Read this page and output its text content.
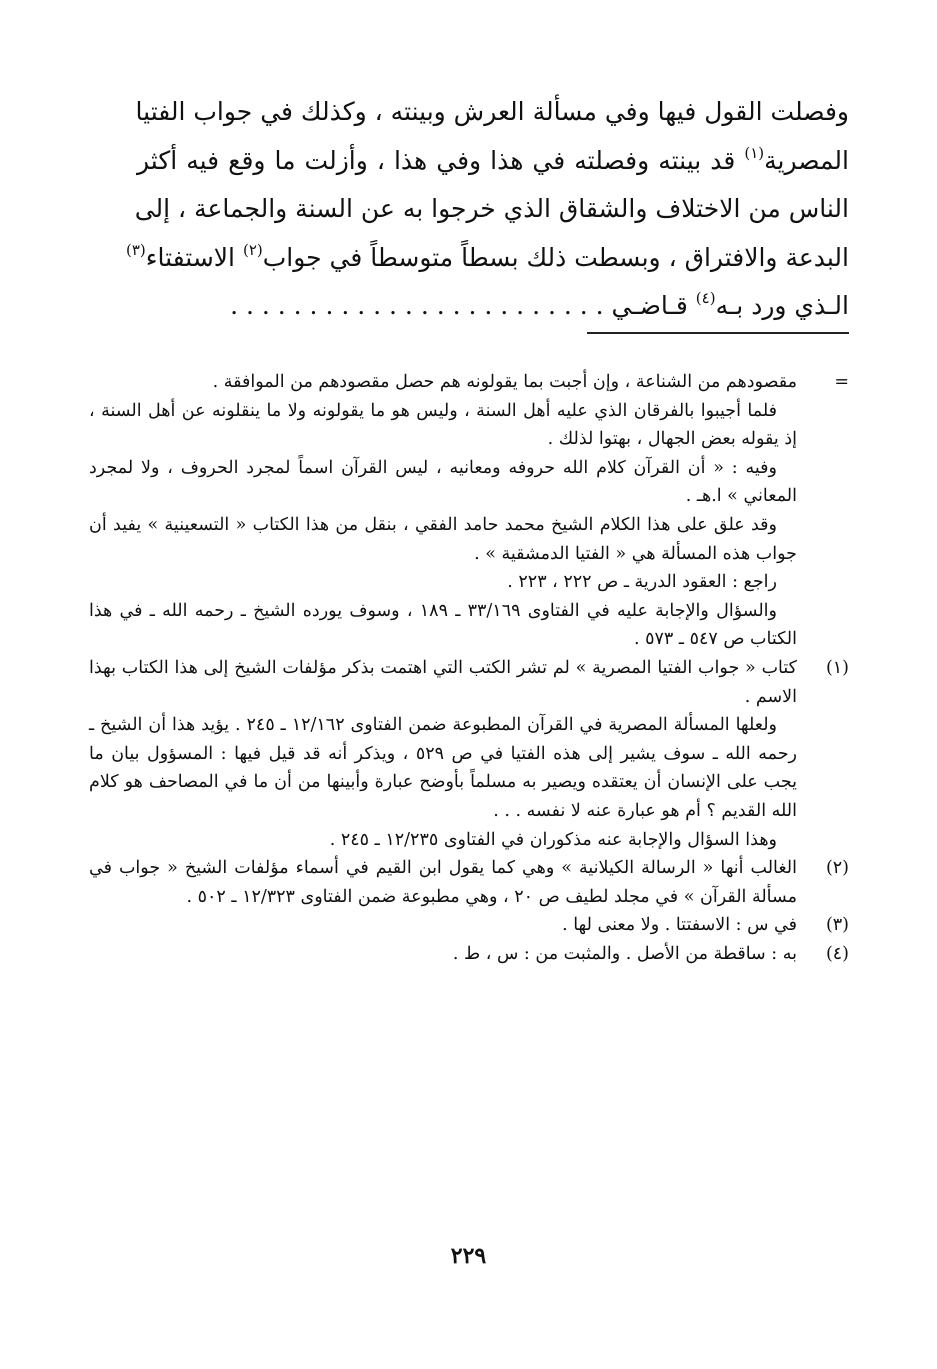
وفصلت القول فيها وفي مسألة العرش وبينته ، وكذلك في جواب الفتيا
المصرية$^{(١)}$ قد بينته وفصلته في هذا وفي هذا ، وأزلت ما وقع فيه أكثر
الناس من الاختلاف والشقاق الذي خرجوا به عن السنة والجماعة ، إلى
البدعة والافتراق ، وبسطت ذلك بسطاً متوسطاً في جواب$^{(٢)}$ الاستفتاء$^{(٣)}$
الـذي ورد بـه$^{(٤)}$ قـاضـي . . . . . . . . . . . . . . . . . . . . . . . .
=

مقصودهم من الشناعة ، وإن أجبت بما يقولونه هم حصل مقصودهم من الموافقة .

فلما أجيبوا بالفرقان الذي عليه أهل السنة ، وليس هو ما يقولونه ولا ما ينقلونه عن أهل السنة ، إذ يقوله بعض الجهال ، بهتوا لذلك .

وفيه : « أن القرآن كلام الله حروفه ومعانيه ، ليس القرآن اسماً لمجرد الحروف ، ولا لمجرد المعاني » ا.هـ .

وقد علق على هذا الكلام الشيخ محمد حامد الفقي ، بنقل من هذا الكتاب « التسعينية » يفيد أن جواب هذه المسألة هي « الفتيا الدمشقية » .

راجع : العقود الدرية ـ ص ٢٢٢ ، ٢٢٣ .

والسؤال والإجابة عليه في الفتاوى ٣٣/١٦٩ ـ ١٨٩ ، وسوف يورده الشيخ ـ رحمه الله ـ في هذا الكتاب ص ٥٤٧ ـ ٥٧٣ .

(١)

كتاب « جواب الفتيا المصرية » لم تشر الكتب التي اهتمت بذكر مؤلفات الشيخ إلى هذا الكتاب بهذا الاسم .

ولعلها المسألة المصرية في القرآن المطبوعة ضمن الفتاوى ١٢/١٦٢ ـ ٢٤٥ . يؤيد هذا أن الشيخ ـ رحمه الله ـ سوف يشير إلى هذه الفتيا في ص ٥٢٩ ، ويذكر أنه قد قيل فيها : المسؤول بيان ما يجب على الإنسان أن يعتقده ويصير به مسلماً بأوضح عبارة وأبينها من أن ما في المصاحف هو كلام الله القديم ؟ أم هو عبارة عنه لا نفسه . . .

وهذا السؤال والإجابة عنه مذكوران في الفتاوى ١٢/٢٣٥ ـ ٢٤٥ .

(٢)

الغالب أنها « الرسالة الكيلانية » وهي كما يقول ابن القيم في أسماء مؤلفات الشيخ « جواب في مسألة القرآن » في مجلد لطيف ص ٢٠ ، وهي مطبوعة ضمن الفتاوى ١٢/٣٢٣ ـ ٥٠٢ .

(٣)

في س : الاسفتتا . ولا معنى لها .

(٤)

به : ساقطة من الأصل . والمثبت من : س ، ط .

٢٢٩
